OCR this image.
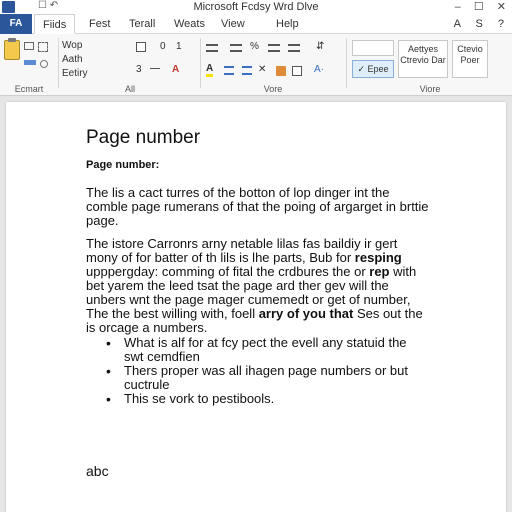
☐ ↶	Microsoft Fcdsy Wrd Dlve	– ☐ ✕
FA	Fiids	Fest Terall Weats View	Help	A S ?
Ecmart
Wop
Aath
Eetiry
0 1
3	A
All
%	⇵
A	✕	A·
Vore
✓ Epee
Aettyes
Ctrevio Dar
Ctevio Poer
Viore
Page number
Page number:
The lis a cact turres of the botton of lop dinger int the comble page rumerans of that the poing of argarget in brttie page.
The istore Carronrs arny netable lilas fas baildiy ir gert mony of for batter of th lils is lhe parts, Bub for resping upppergday: comming of fital the crdbures the or rep with bet yarem the leed tsat the page ard ther gev will the unbers wnt the page mager cumemedt or get of number, The the best willing with, foell arry of you that Ses out the is orcage a numbers.
• What is alf for at fcy pect the evell any statuid the swt cemdfien
• Thers proper was all ihagen page numbers or but cuctrule
• This se vork to pestibools.
abc
